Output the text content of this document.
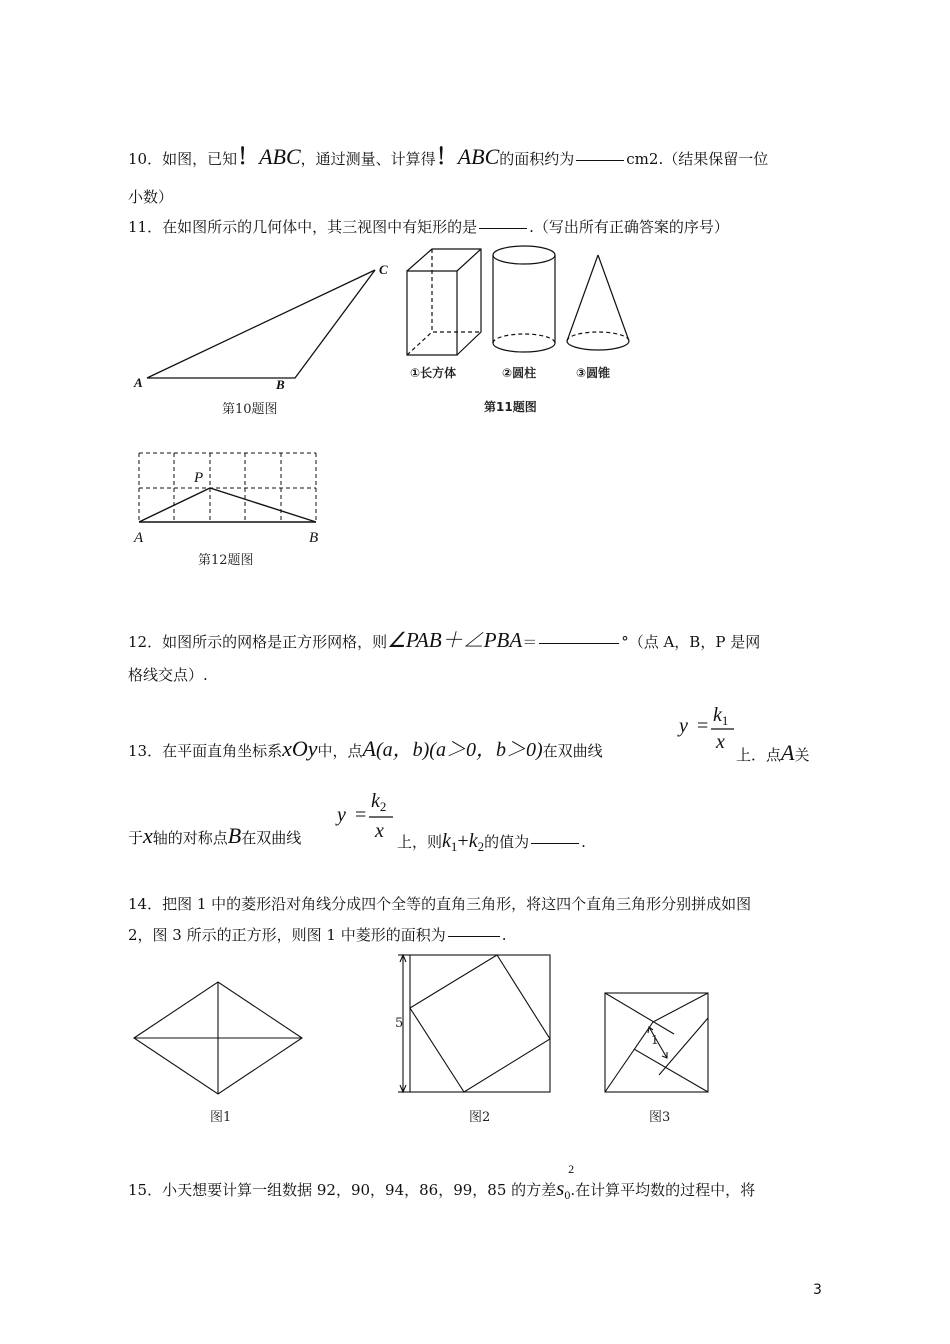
10．如图，已知！ABC，通过测量、计算得！ABC的面积约为	cm2.（结果保留一位
小数）
11．在如图所示的几何体中，其三视图中有矩形的是	.（写出所有正确答案的序号）
A	B
C
第10题图
①长方体	②圆柱	③圆锥
第11题图
P
A	B
第12题图
12．如图所示的网格是正方形网格，则∠PAB＋∠PBA＝	°（点 A，B，P 是网
格线交点）.
13．在平面直角坐标系xOy中，点A(a，b)(a＞0，b＞0)在双曲线
$y = k_1$
x
上．点A关
于x轴的对称点B在双曲线
y =
$k_2$
x 上，则$k_1+k_2$的值为	.
14．把图 1 中的菱形沿对角线分成四个全等的直角三角形，将这四个直角三角形分别拼成如图
2，图 3 所示的正方形，则图 1 中菱形的面积为	.
图1
5
图2
1
图3
15．小天想要计算一组数据 92，90，94，86，99，85 的方差s
2
0.在计算平均数的过程中，将
3
